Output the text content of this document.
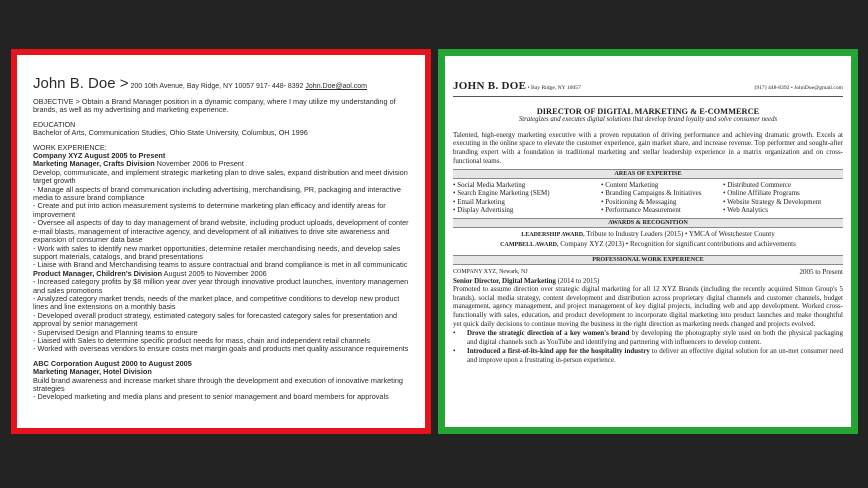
John B. Doe > 200 10th Avenue, Bay Ridge, NY 10057 917- 448- 8392 John.Doe@aol.com
OBJECTIVE > Obtain a Brand Manager position in a dynamic company, where I may utilize my understanding of
brands, as well as my advertising and marketing experience.
EDUCATION
Bachelor of Arts, Communication Studies, Ohio State University, Columbus, OH 1996
WORK EXPERIENCE:
Company XYZ August 2005 to Present
Marketing Manager, Crafts Division November 2006 to Present
Develop, communicate, and implement strategic marketing plan to drive sales, expand distribution and meet division
target growth
- Manage all aspects of brand communication including advertising, merchandising, PR, packaging and interactive
media to assure brand compliance
- Create and put into action measurement systems to determine marketing plan efficacy and identify areas for
improvement
- Oversee all aspects of day to day management of brand website, including product uploads, development of conter
e-mail blasts, management of interactive agency, and development of all initiatives to drive site awareness and
expansion of consumer data base
- Work with sales to identify new market opportunities, determine retailer merchandising needs, and develop sales
support materials, catalogs, and brand presentations
- Liaise with Brand and Merchandising teams to assure contractual and brand compliance is met in all communicatic
Product Manager, Children's Division August 2005 to November 2006
- Increased category profits by $8 million year over year through innovative product launches, inventory managemen
and sales promotions
- Analyzed category market trends, needs of the market place, and competitive conditions to develop new product
lines and line extensions on a monthly basis
- Developed overall product strategy, estimated category sales for forecasted category sales for presentation and
approval by senior management
- Supervised Design and Planning teams to ensure
- Liaised with Sales to determine specific product needs for mass, chain and independent retail channels
- Worked with overseas vendors to ensure costs met margin goals and products met quality assurance requirements
ABC Corporation August 2000 to August 2005
Marketing Manager, Hotel Division
Build brand awareness and increase market share through the development and execution of innovative marketing
strategies
- Developed marketing and media plans and present to senior management and board members for approvals
JOHN B. DOE • Bay Ridge, NY 10057	(917) 448-8392 • JohnDoe@gmail.com
DIRECTOR OF DIGITAL MARKETING & E-COMMERCE
Strategizes and executes digital solutions that develop brand loyalty and solve consumer needs
Talented, high-energy marketing executive with a proven reputation of driving performance and achieving dramatic growth. Excels at executing in the online space to elevate the customer experience, gain market share, and increase revenue. Top performer and sought-after branding expert with a foundation in traditional marketing and stellar leadership experience in a matrix organization and on cross-functional teams.
AREAS OF EXPERTISE
• Social Media Marketing	• Content Marketing	• Distributed Commerce
• Search Engine Marketing (SEM)	• Branding Campaigns & Initiatives	• Online Affiliate Programs
• Email Marketing	• Positioning & Messaging	• Website Strategy & Development
• Display Advertising	• Performance Measurement	• Web Analytics
AWARDS & RECOGNITION
LEADERSHIP AWARD, Tribute to Industry Leaders (2015) • YMCA of Westchester County
CAMPBELL AWARD, Company XYZ (2013) • Recognition for significant contributions and achievements
PROFESSIONAL WORK EXPERIENCE
COMPANY XYZ, Newark, NJ	2005 to Present
Senior Director, Digital Marketing (2014 to 2015)
Promoted to assume direction over strategic digital marketing for all 12 XYZ Brands (including the recently acquired Simon Group's 5 brands), social media strategy, content development and distribution across proprietary digital channels and customer channels, budget management, agency management, and project management of key digital projects, including web and app development. Worked cross-functionally with sales, education, and product development to incorporate digital marketing into product launches and make thoughtful yet quick daily decisions to continue moving the business in the right direction as marketing needs changed and projects evolved.
•	Drove the strategic direction of a key women's brand by developing the photography style used on both the physical packaging and digital channels such as YouTube and identifying and partnering with influencers to develop content.
•	Introduced a first-of-its-kind app for the hospitality industry to deliver an effective digital solution for an un-met consumer need and improve upon a frustrating in-person experience.
